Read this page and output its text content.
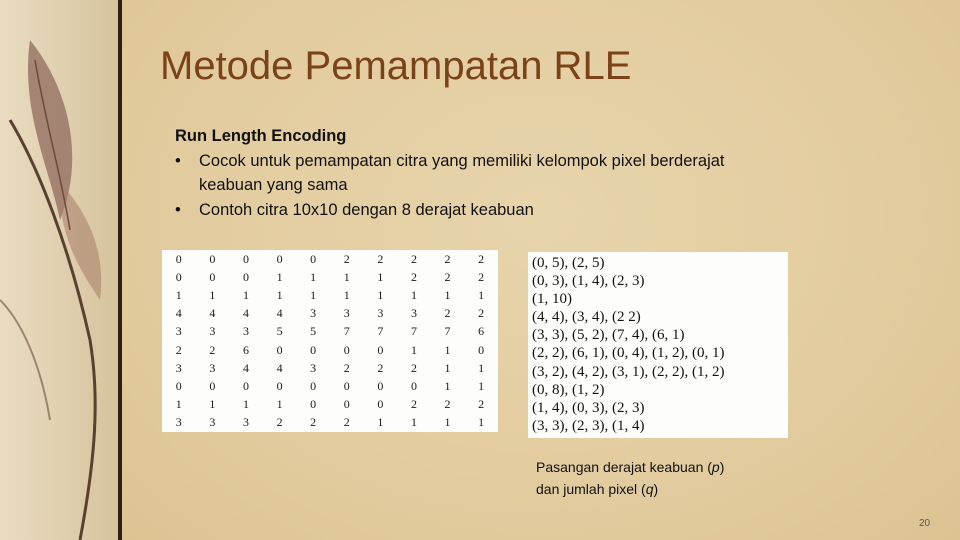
Metode Pemampatan RLE
Run Length Encoding
• Cocok untuk pemampatan citra yang memiliki kelompok pixel berderajat keabuan yang sama
• Contoh citra 10x10 dengan 8 derajat keabuan
0	0	0	0	0	2	2	2	2	2
0	0	0	1	1	1	1	2	2	2
1	1	1	1	1	1	1	1	1	1
4	4	4	4	3	3	3	3	2	2
3	3	3	5	5	7	7	7	7	6
2	2	6	0	0	0	0	1	1	0
3	3	4	4	3	2	2	2	1	1
0	0	0	0	0	0	0	0	1	1
1	1	1	1	0	0	0	2	2	2
3	3	3	2	2	2	1	1	1	1
(0, 5), (2, 5)
(0, 3), (1, 4), (2, 3)
(1, 10)
(4, 4), (3, 4), (2 2)
(3, 3), (5, 2), (7, 4), (6, 1)
(2, 2), (6, 1), (0, 4), (1, 2), (0, 1)
(3, 2), (4, 2), (3, 1), (2, 2), (1, 2)
(0, 8), (1, 2)
(1, 4), (0, 3), (2, 3)
(3, 3), (2, 3), (1, 4)
Pasangan derajat keabuan (p)
dan jumlah pixel (q)
20
